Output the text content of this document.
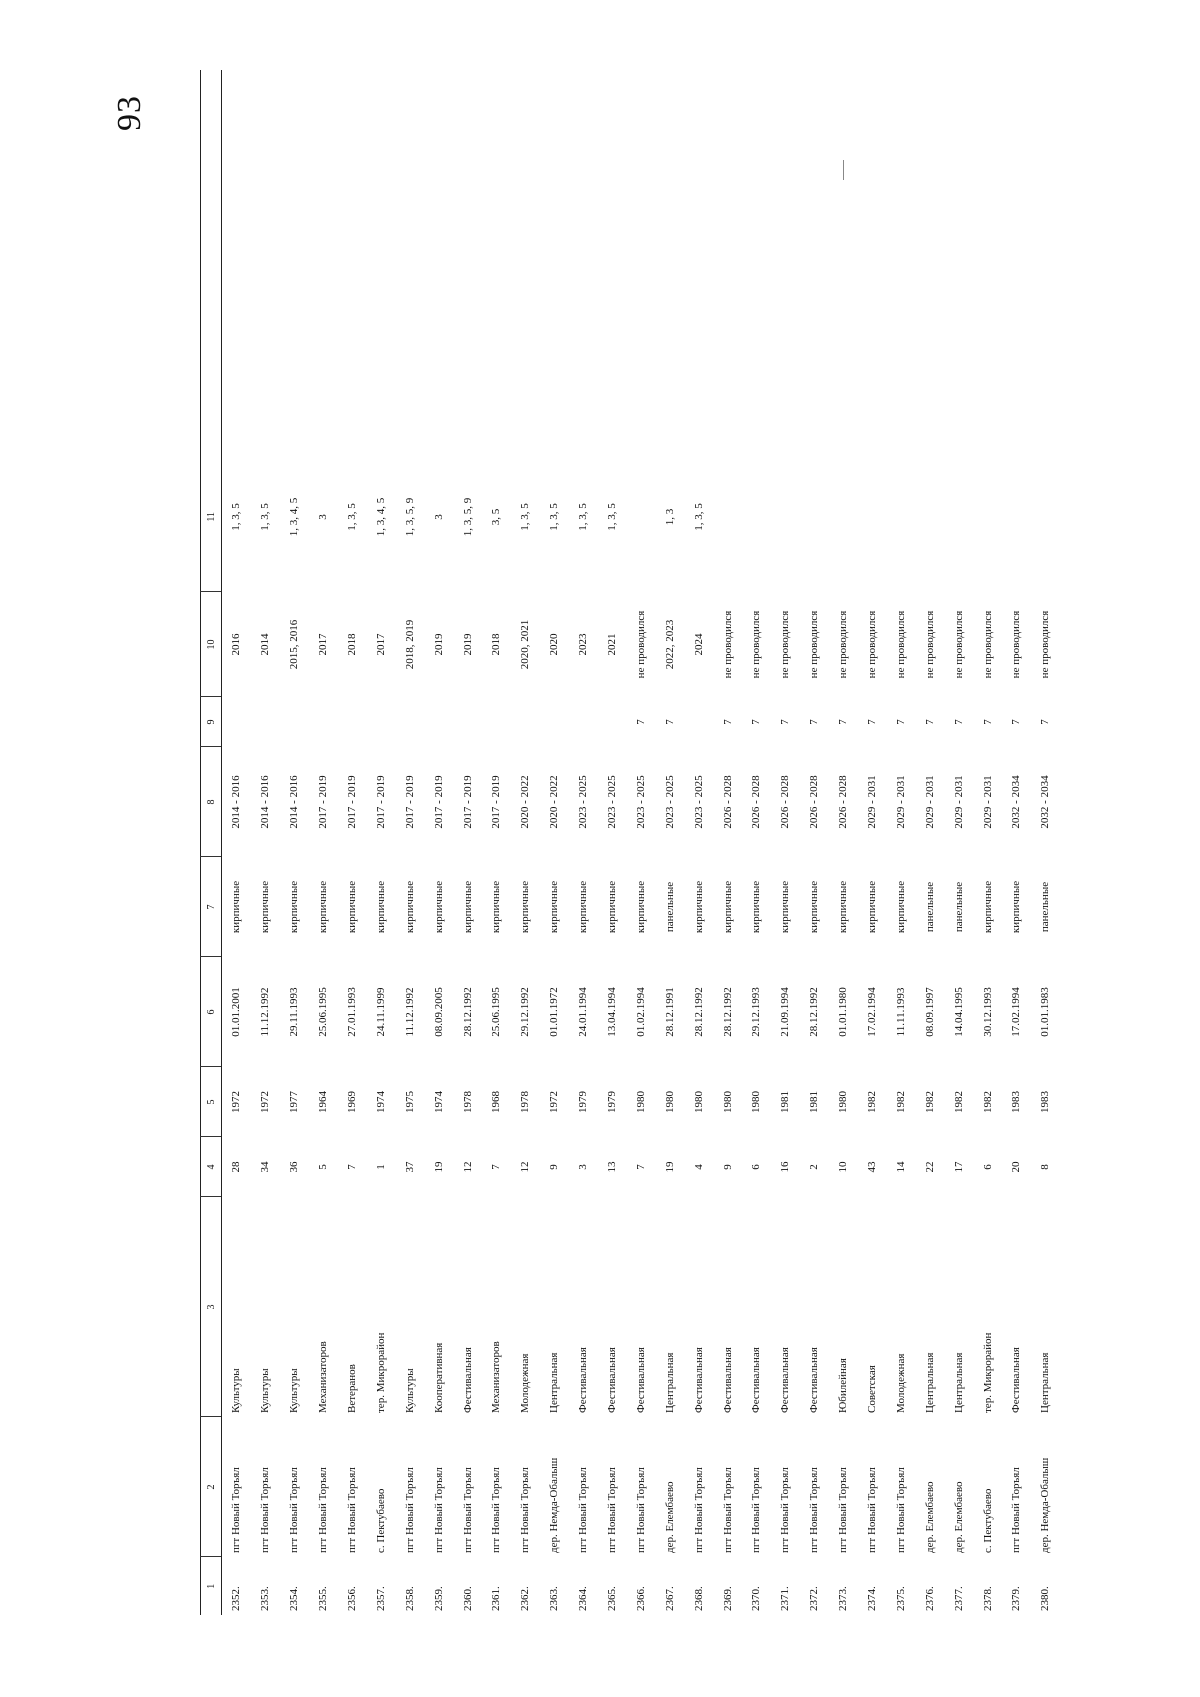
93
1	2	3	4	5	6	7	8	9	10	11	
2352.	пгт Новый Торъял	Культуры	28	1972	01.01.2001	кирпичные	2014 - 2016		2016	1, 3, 5	
2353.	пгт Новый Торъял	Культуры	34	1972	11.12.1992	кирпичные	2014 - 2016		2014	1, 3, 5	
2354.	пгт Новый Торъял	Культуры	36	1977	29.11.1993	кирпичные	2014 - 2016		2015, 2016	1, 3, 4, 5	
2355.	пгт Новый Торъял	Механизаторов	5	1964	25.06.1995	кирпичные	2017 - 2019		2017	3	
2356.	пгт Новый Торъял	Ветеранов	7	1969	27.01.1993	кирпичные	2017 - 2019		2018	1, 3, 5	
2357.	с. Пектубаево	тер. Микрорайон	1	1974	24.11.1999	кирпичные	2017 - 2019		2017	1, 3, 4, 5	
2358.	пгт Новый Торъял	Культуры	37	1975	11.12.1992	кирпичные	2017 - 2019		2018, 2019	1, 3, 5, 9	
2359.	пгт Новый Торъял	Кооперативная	19	1974	08.09.2005	кирпичные	2017 - 2019		2019	3	
2360.	пгт Новый Торъял	Фестивальная	12	1978	28.12.1992	кирпичные	2017 - 2019		2019	1, 3, 5, 9	
2361.	пгт Новый Торъял	Механизаторов	7	1968	25.06.1995	кирпичные	2017 - 2019		2018	3, 5	
2362.	пгт Новый Торъял	Молодежная	12	1978	29.12.1992	кирпичные	2020 - 2022		2020, 2021	1, 3, 5	
2363.	дер. Немда-Обалыш	Центральная	9	1972	01.01.1972	кирпичные	2020 - 2022		2020	1, 3, 5	
2364.	пгт Новый Торъял	Фестивальная	3	1979	24.01.1994	кирпичные	2023 - 2025		2023	1, 3, 5	
2365.	пгт Новый Торъял	Фестивальная	13	1979	13.04.1994	кирпичные	2023 - 2025		2021	1, 3, 5	
2366.	пгт Новый Торъял	Фестивальная	7	1980	01.02.1994	кирпичные	2023 - 2025	7	не проводился		
2367.	дер. Елембаево	Центральная	19	1980	28.12.1991	панельные	2023 - 2025	7	2022, 2023	1, 3	
2368.	пгт Новый Торъял	Фестивальная	4	1980	28.12.1992	кирпичные	2023 - 2025		2024	1, 3, 5	
2369.	пгт Новый Торъял	Фестивальная	9	1980	28.12.1992	кирпичные	2026 - 2028	7	не проводился		
2370.	пгт Новый Торъял	Фестивальная	6	1980	29.12.1993	кирпичные	2026 - 2028	7	не проводился		
2371.	пгт Новый Торъял	Фестивальная	16	1981	21.09.1994	кирпичные	2026 - 2028	7	не проводился		
2372.	пгт Новый Торъял	Фестивальная	2	1981	28.12.1992	кирпичные	2026 - 2028	7	не проводился		
2373.	пгт Новый Торъял	Юбилейная	10	1980	01.01.1980	кирпичные	2026 - 2028	7	не проводился		
2374.	пгт Новый Торъял	Советская	43	1982	17.02.1994	кирпичные	2029 - 2031	7	не проводился		
2375.	пгт Новый Торъял	Молодежная	14	1982	11.11.1993	кирпичные	2029 - 2031	7	не проводился		
2376.	дер. Елембаево	Центральная	22	1982	08.09.1997	панельные	2029 - 2031	7	не проводился		
2377.	дер. Елембаево	Центральная	17	1982	14.04.1995	панельные	2029 - 2031	7	не проводился		
2378.	с. Пектубаево	тер. Микрорайон	6	1982	30.12.1993	кирпичные	2029 - 2031	7	не проводился		
2379.	пгт Новый Торъял	Фестивальная	20	1983	17.02.1994	кирпичные	2032 - 2034	7	не проводился		
2380.	дер. Немда-Обалыш	Центральная	8	1983	01.01.1983	панельные	2032 - 2034	7	не проводился		
